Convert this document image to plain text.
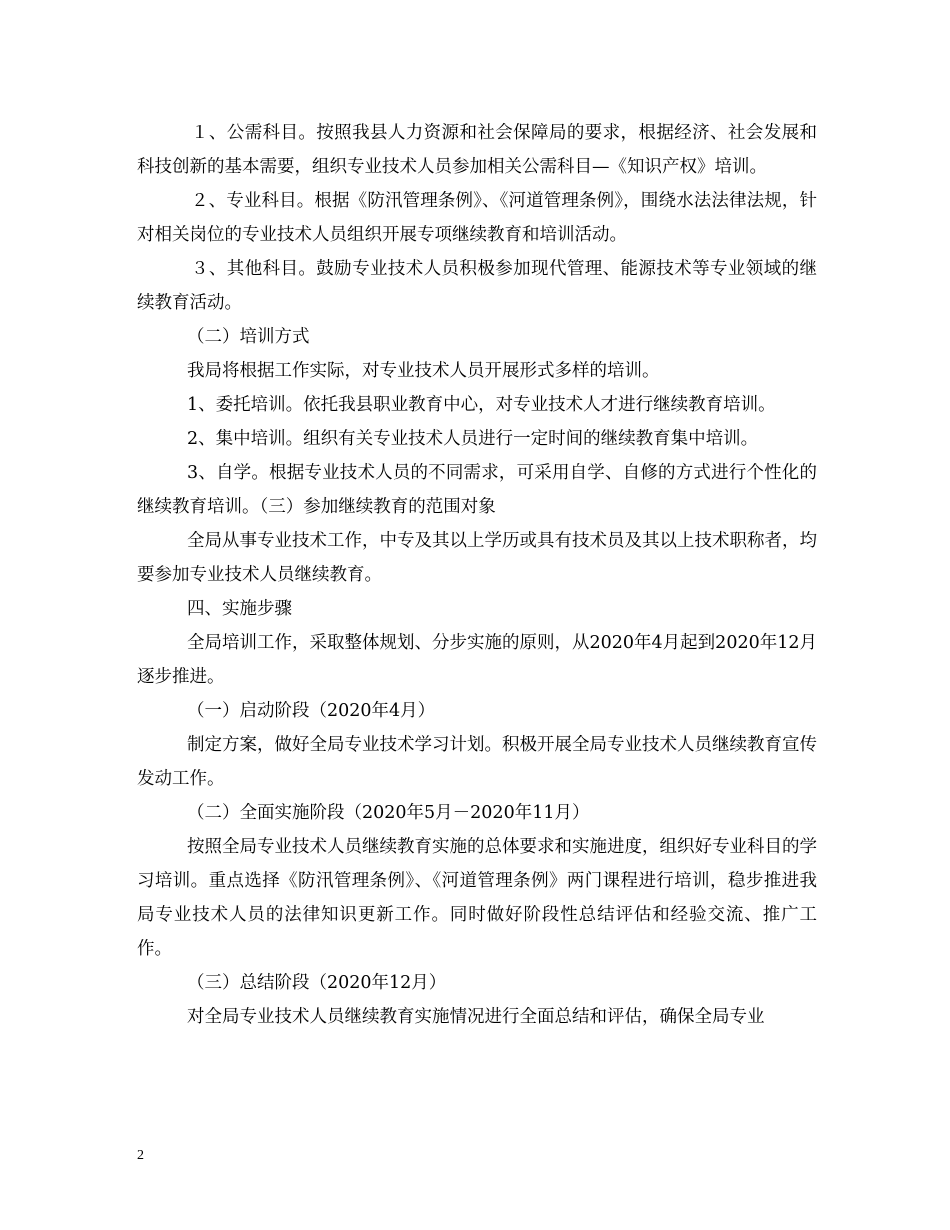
１、公需科目。按照我县人力资源和社会保障局的要求，根据经济、社会发展和科技创新的基本需要，组织专业技术人员参加相关公需科目—《知识产权》培训。

２、专业科目。根据《防汛管理条例》、《河道管理条例》，围绕水法法律法规，针对相关岗位的专业技术人员组织开展专项继续教育和培训活动。

３、其他科目。鼓励专业技术人员积极参加现代管理、能源技术等专业领域的继续教育活动。

（二）培训方式

我局将根据工作实际，对专业技术人员开展形式多样的培训。

1、委托培训。依托我县职业教育中心，对专业技术人才进行继续教育培训。

2、集中培训。组织有关专业技术人员进行一定时间的继续教育集中培训。

3、自学。根据专业技术人员的不同需求，可采用自学、自修的方式进行个性化的继续教育培训。（三）参加继续教育的范围对象

全局从事专业技术工作，中专及其以上学历或具有技术员及其以上技术职称者，均要参加专业技术人员继续教育。

四、实施步骤

全局培训工作，采取整体规划、分步实施的原则，从2020年4月起到2020年12月逐步推进。

（一）启动阶段（2020年4月）

制定方案，做好全局专业技术学习计划。积极开展全局专业技术人员继续教育宣传发动工作。

（二）全面实施阶段（2020年5月－2020年11月）

按照全局专业技术人员继续教育实施的总体要求和实施进度，组织好专业科目的学习培训。重点选择《防汛管理条例》、《河道管理条例》两门课程进行培训，稳步推进我局专业技术人员的法律知识更新工作。同时做好阶段性总结评估和经验交流、推广工作。

（三）总结阶段（2020年12月）

对全局专业技术人员继续教育实施情况进行全面总结和评估，确保全局专业

2
